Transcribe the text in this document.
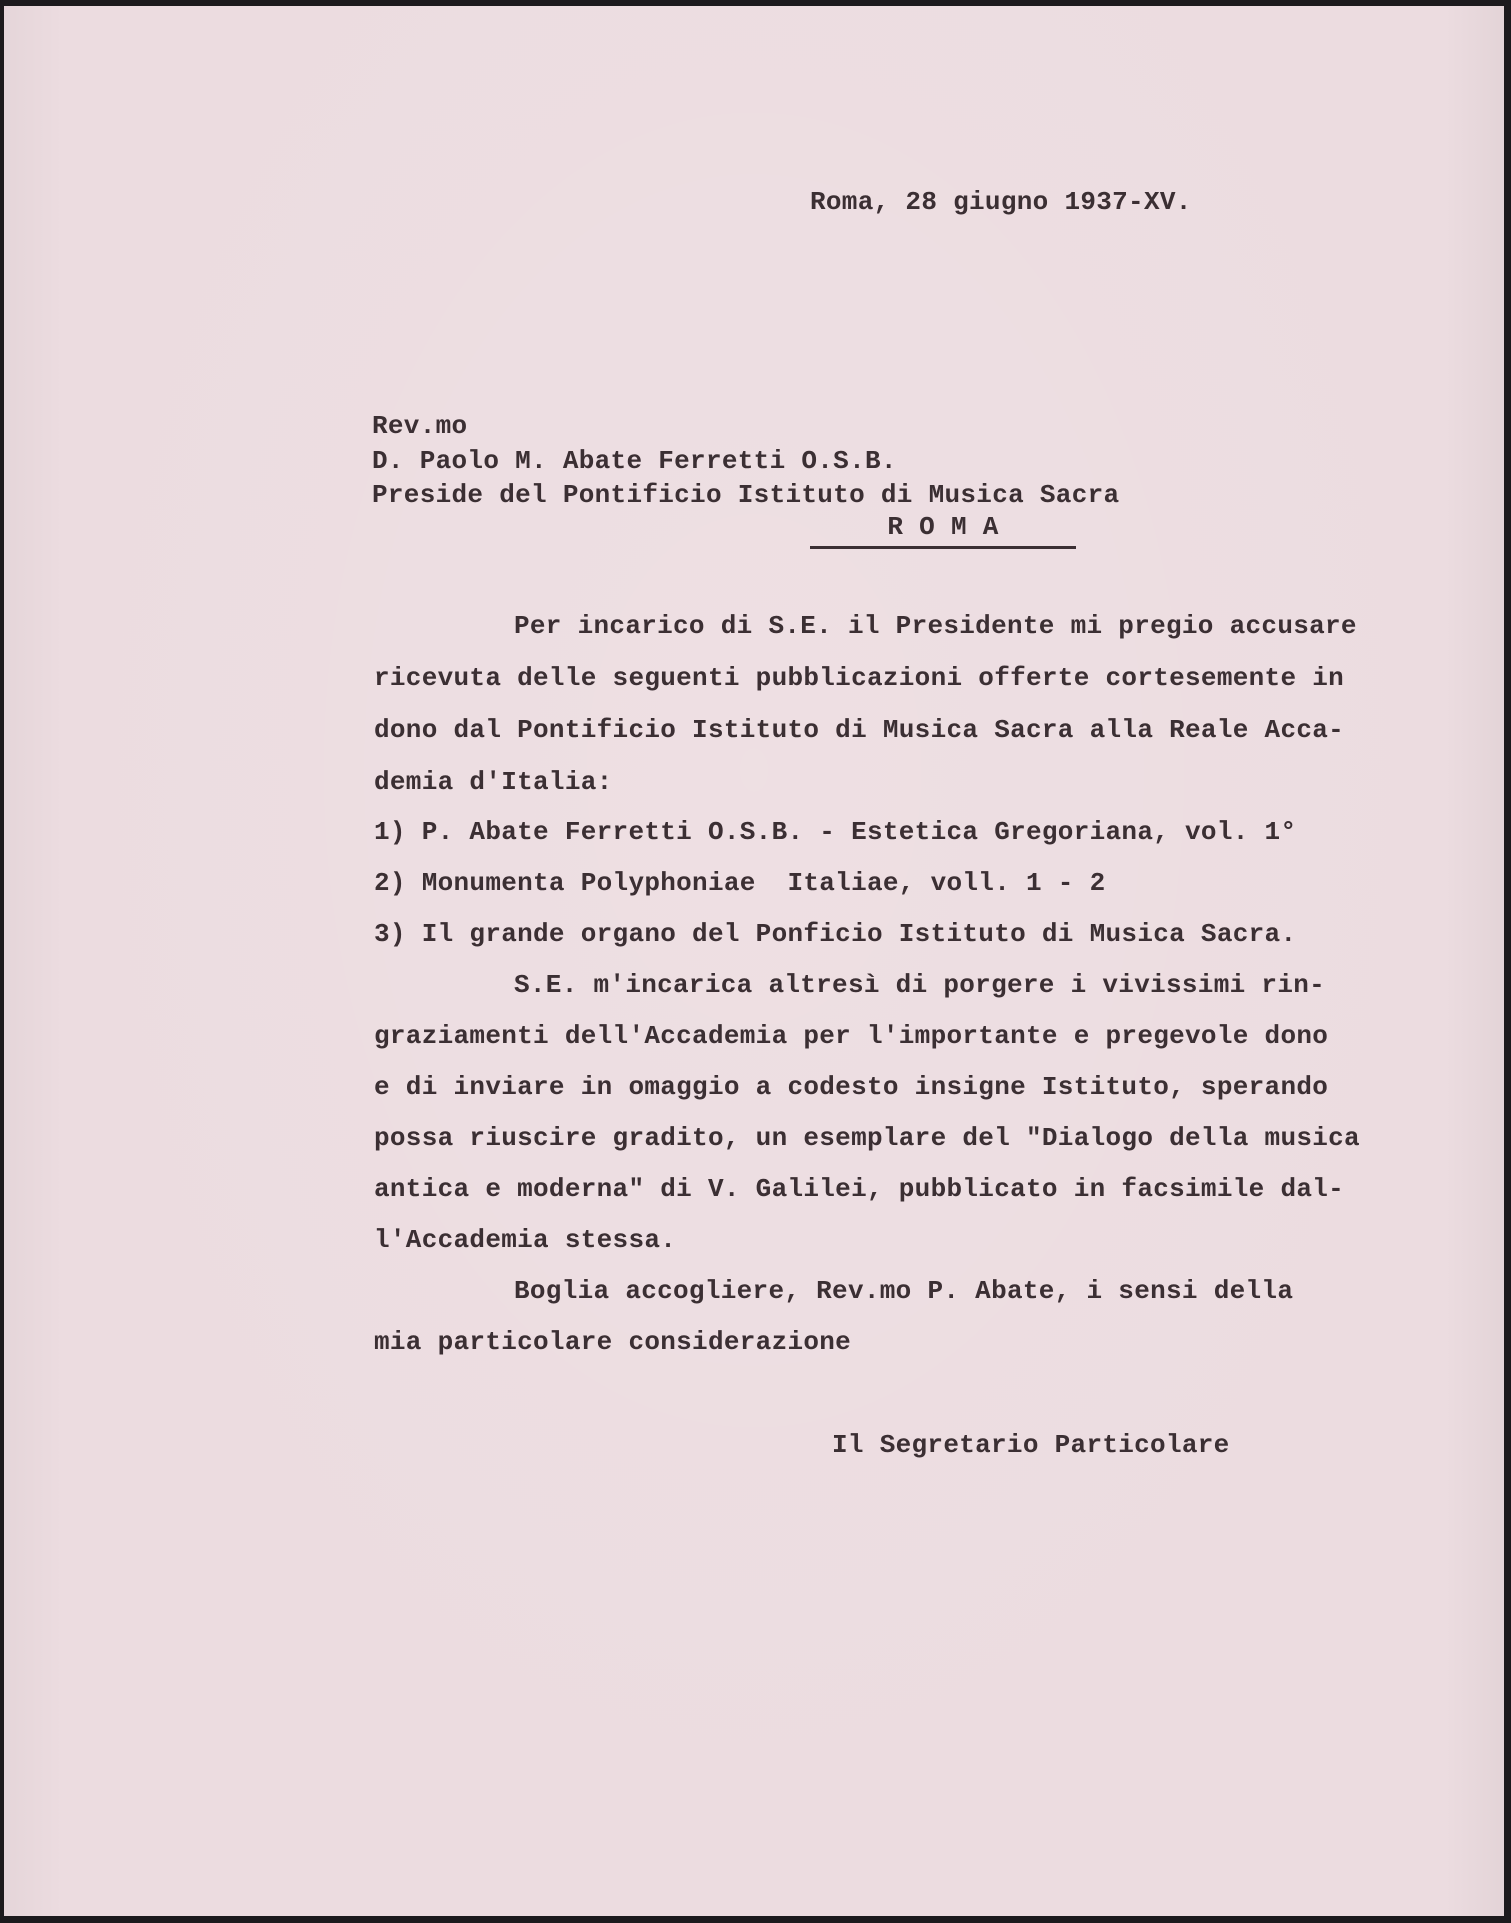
Roma, 28 giugno 1937-XV.

Rev.mo

D. Paolo M. Abate Ferretti O.S.B.

Preside del Pontificio Istituto di Musica Sacra

R O M A

Per incarico di S.E. il Presidente mi pregio accusare

ricevuta delle seguenti pubblicazioni offerte cortesemente in

dono dal Pontificio Istituto di Musica Sacra alla Reale Acca-

demia d'Italia:

1) P. Abate Ferretti O.S.B. - Estetica Gregoriana, vol. 1°

2) Monumenta Polyphoniae  Italiae, voll. 1 - 2

3) Il grande organo del Ponficio Istituto di Musica Sacra.

S.E. m'incarica altresì di porgere i vivissimi rin-

graziamenti dell'Accademia per l'importante e pregevole dono

e di inviare in omaggio a codesto insigne Istituto, sperando

possa riuscire gradito, un esemplare del "Dialogo della musica

antica e moderna" di V. Galilei, pubblicato in facsimile dal-

l'Accademia stessa.

Boglia accogliere, Rev.mo P. Abate, i sensi della

mia particolare considerazione

Il Segretario Particolare
